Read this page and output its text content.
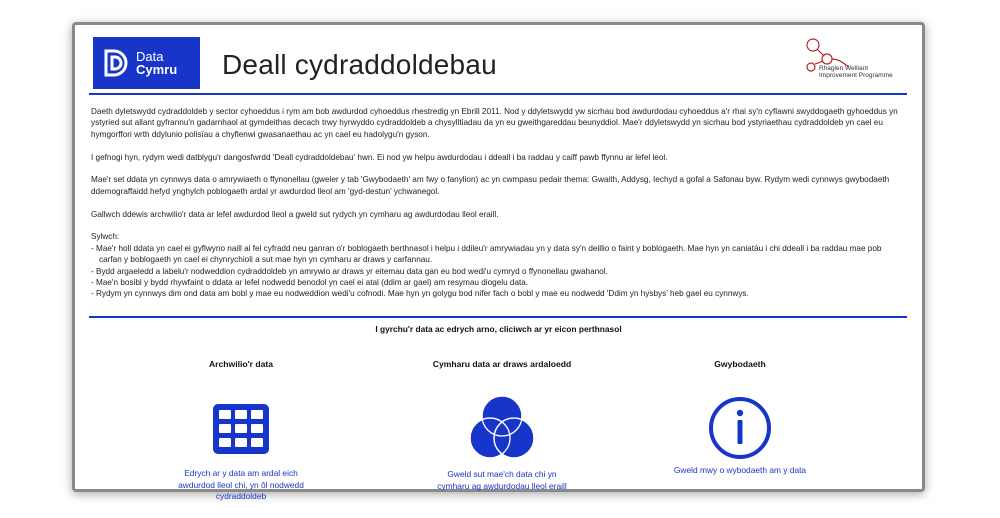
Data
Cymru Deall cydraddoldebau	Rhaglen Welliant
Improvement Programme

Daeth dyletswydd cydraddoldeb y sector cyhoeddus i rym am bob awdurdod cyhoeddus rhestredig yn Ebrill 2011. Nod y ddyletswydd yw sicrhau bod awdurdodau cyhoeddus a'r rhai sy'n cyflawni swyddogaeth gyhoeddus yn ystyried sut allant gyfrannu'n gadarnhaol at gymdeithas decach trwy hyrwyddo cydraddoldeb a chysylltiadau da yn eu gweithgareddau beunyddiol. Mae'r ddyletswydd yn sicrhau bod ystyriaethau cydraddoldeb yn cael eu hymgorffori wrth ddylunio polisïau a chyflenwi gwasanaethau ac yn cael eu hadolygu'n gyson.

I gefnogi hyn, rydym wedi datblygu'r dangosfwrdd 'Deall cydraddoldebau' hwn. Ei nod yw helpu awdurdodau i ddeall i ba raddau y caiff pawb ffynnu ar lefel leol.

Mae'r set ddata yn cynnwys data o amrywiaeth o ffynonellau (gweler y tab 'Gwybodaeth' am fwy o fanylion) ac yn cwmpasu pedair thema: Gwaith, Addysg, Iechyd a gofal a Safonau byw. Rydym wedi cynnwys gwybodaeth ddemograffaidd hefyd ynghylch poblogaeth ardal yr awdurdod lleol am 'gyd-destun' ychwanegol.

Gallwch ddewis archwilio'r data ar lefel awdurdod lleol a gweld sut rydych yn cymharu ag awdurdodau lleol eraill.

Sylwch:

- Mae'r holl ddata yn cael ei gyflwyno naill ai fel cyfradd neu ganran o'r boblogaeth berthnasol i helpu i ddileu'r amrywiadau yn y data sy'n deillio o faint y boblogaeth. Mae hyn yn caniatáu i chi ddeall i ba raddau mae pob carfan y boblogaeth yn cael ei chynrychioli a sut mae hyn yn cymharu ar draws y carfannau.
- Bydd argaeledd a labelu'r nodweddion cydraddoldeb yn amrywio ar draws yr eitemau data gan eu bod wedi'u cymryd o ffynonellau gwahanol.
- Mae'n bosibl y bydd rhywfaint o ddata ar lefel nodwedd benodol yn cael ei atal (ddim ar gael) am resymau diogelu data.
- Rydym yn cynnwys dim ond data am bobl y mae eu nodweddion wedi'u cofnodi. Mae hyn yn golygu bod nifer fach o bobl y mae eu nodwedd 'Ddim yn hysbys' heb gael eu cynnwys.
I gyrchu'r data ac edrych arno, cliciwch ar yr eicon perthnasol
Archwilio'r data
Edrych ar y data am ardal eich awdurdod lleol chi, yn ôl nodwedd cydraddoldeb
Cymharu data ar draws ardaloedd
Gweld sut mae'ch data chi yn cymharu ag awdurdodau lleol eraill
Gwybodaeth
Gweld mwy o wybodaeth am y data
